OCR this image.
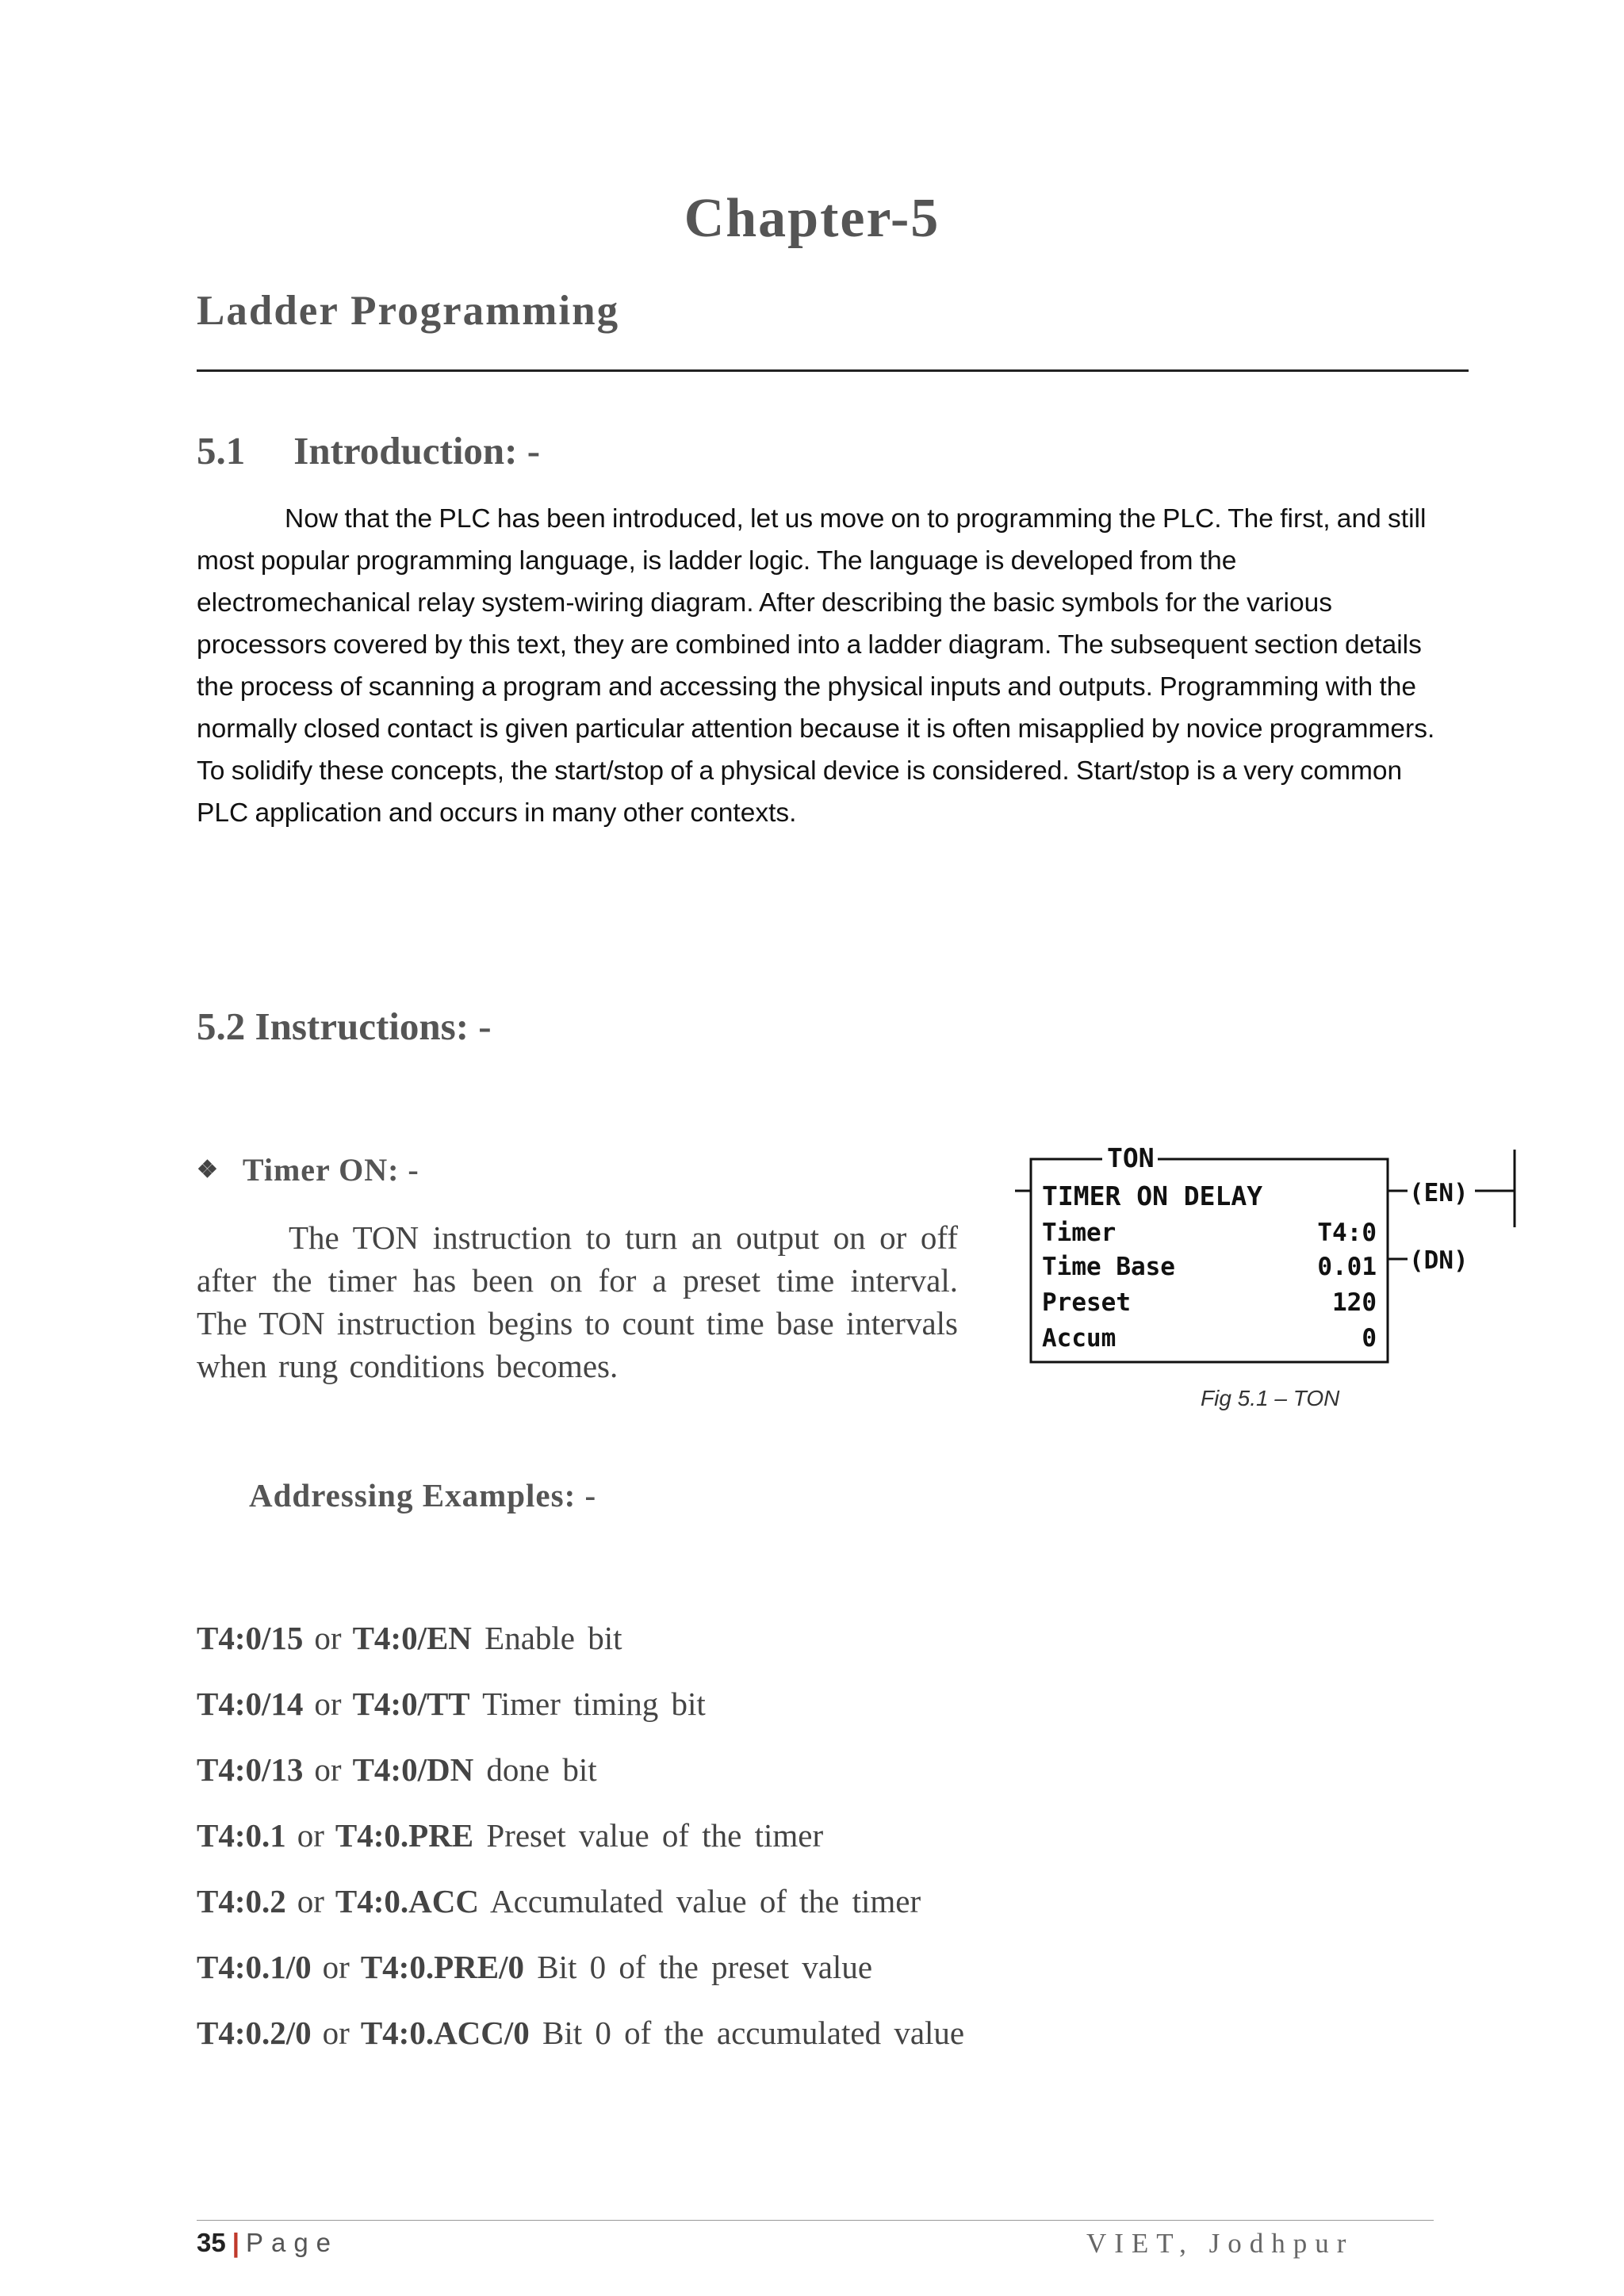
Chapter-5
Ladder Programming
5.1 Introduction: -
Now that the PLC has been introduced, let us move on to programming the PLC. The first, and still most popular programming language, is ladder logic. The language is developed from the electromechanical relay system-wiring diagram. After describing the basic symbols for the various processors covered by this text, they are combined into a ladder diagram. The subsequent section details the process of scanning a program and accessing the physical inputs and outputs. Programming with the normally closed contact is given particular attention because it is often misapplied by novice programmers. To solidify these concepts, the start/stop of a physical device is considered. Start/stop is a very common PLC application and occurs in many other contexts.
5.2 Instructions: -
❖ Timer ON: -
The TON instruction to turn an output on or off after the timer has been on for a preset time interval. The TON instruction begins to count time base intervals when rung conditions becomes.
TON
TIMER ON DELAY
Timer	T4:0
Time Base	0.01
Preset	120
Accum	0
(EN)
(DN)
Fig 5.1 – TON
Addressing Examples: -
T4:0/15 or T4:0/EN Enable bit
T4:0/14 or T4:0/TT Timer timing bit
T4:0/13 or T4:0/DN done bit
T4:0.1 or T4:0.PRE Preset value of the timer
T4:0.2 or T4:0.ACC Accumulated value of the timer
T4:0.1/0 or T4:0.PRE/0 Bit 0 of the preset value
T4:0.2/0 or T4:0.ACC/0 Bit 0 of the accumulated value
35 | Page	VIET, Jodhpur
